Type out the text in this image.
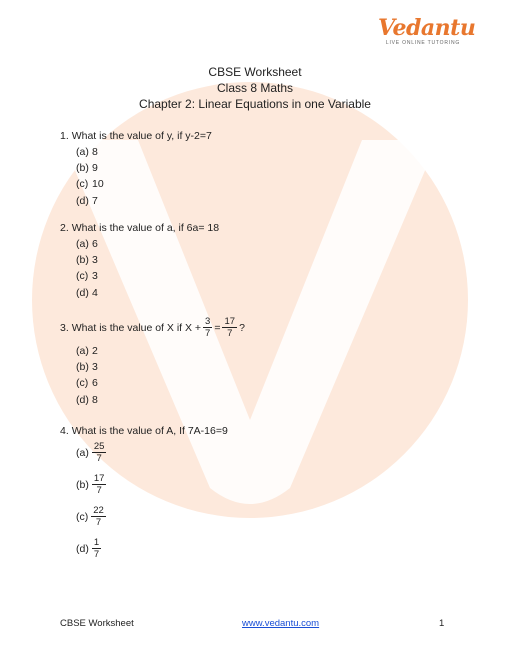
Vedantu
LIVE ONLINE TUTORING
CBSE Worksheet
Class 8 Maths
Chapter 2: Linear Equations in one Variable
1. What is the value of y, if y-2=7
(a) 8
(b) 9
(c) 10
(d) 7
2. What is the value of a, if 6a= 18
(a) 6
(b) 3
(c) 3
(d) 4
3. What is the value of X if $X + \frac{3}{7} = \frac{17}{7}$ ?
(a) 2
(b) 3
(c) 6
(d) 8
4. What is the value of A, If 7A-16=9
$(a) \frac{25}{7}$
$(b) \frac{17}{7}$
$(c) \frac{22}{7}$
$(d) \frac{1}{7}$
CBSE Worksheet	www.vedantu.com	1
